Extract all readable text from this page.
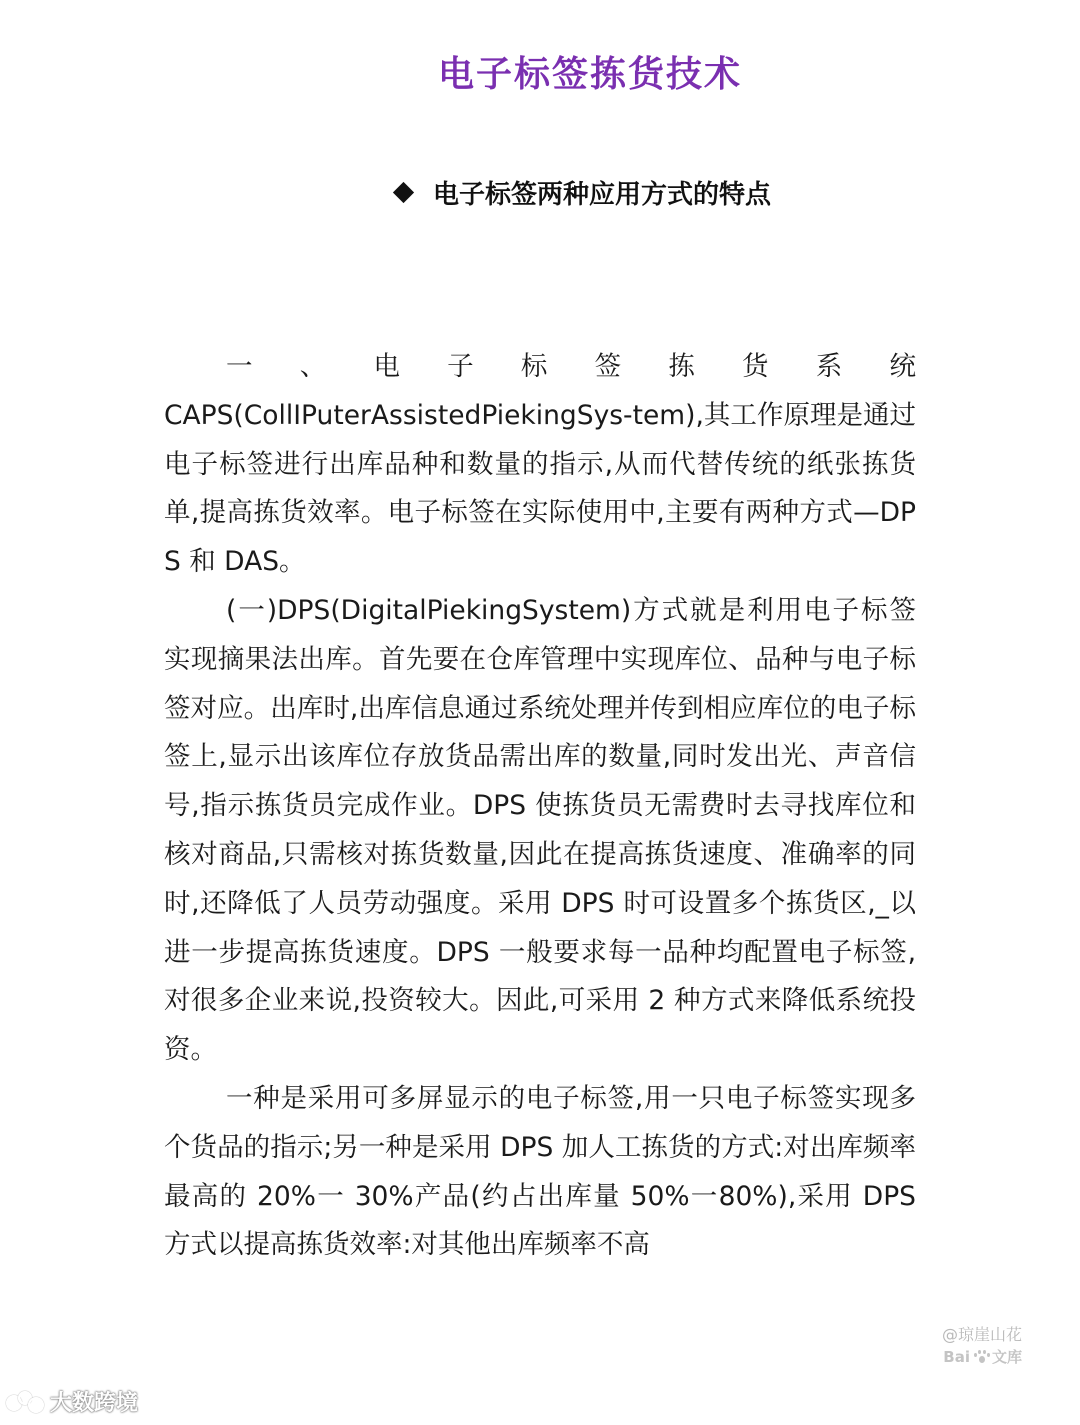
电子标签拣货技术
电子标签两种应用方式的特点
一 、 电 子 标 签 拣 货 系 统

CAPS(CollIPuterAssistedPiekingSys-tem),其工作原理是通过电子标签进行出库品种和数量的指示,从而代替传统的纸张拣货单,提高拣货效率。电子标签在实际使用中,主要有两种方式—DPS 和 DAS。

(一)DPS(DigitalPiekingSystem)方式就是利用电子标签实现摘果法出库。首先要在仓库管理中实现库位、品种与电子标签对应。出库时,出库信息通过系统处理并传到相应库位的电子标签上,显示出该库位存放货品需出库的数量,同时发出光、声音信号,指示拣货员完成作业。DPS 使拣货员无需费时去寻找库位和核对商品,只需核对拣货数量,因此在提高拣货速度、准确率的同时,还降低了人员劳动强度。采用 DPS 时可设置多个拣货区,_以进一步提高拣货速度。DPS 一般要求每一品种均配置电子标签,对很多企业来说,投资较大。因此,可采用 2 种方式来降低系统投资。

一种是采用可多屏显示的电子标签,用一只电子标签实现多个货品的指示;另一种是采用 DPS 加人工拣货的方式:对出库频率最高的 20%一 30%产品(约占出库量 50%一80%),采用 DPS 方式以提高拣货效率:对其他出库频率不高

@琼崖山花
Bai 文库
大数跨境
